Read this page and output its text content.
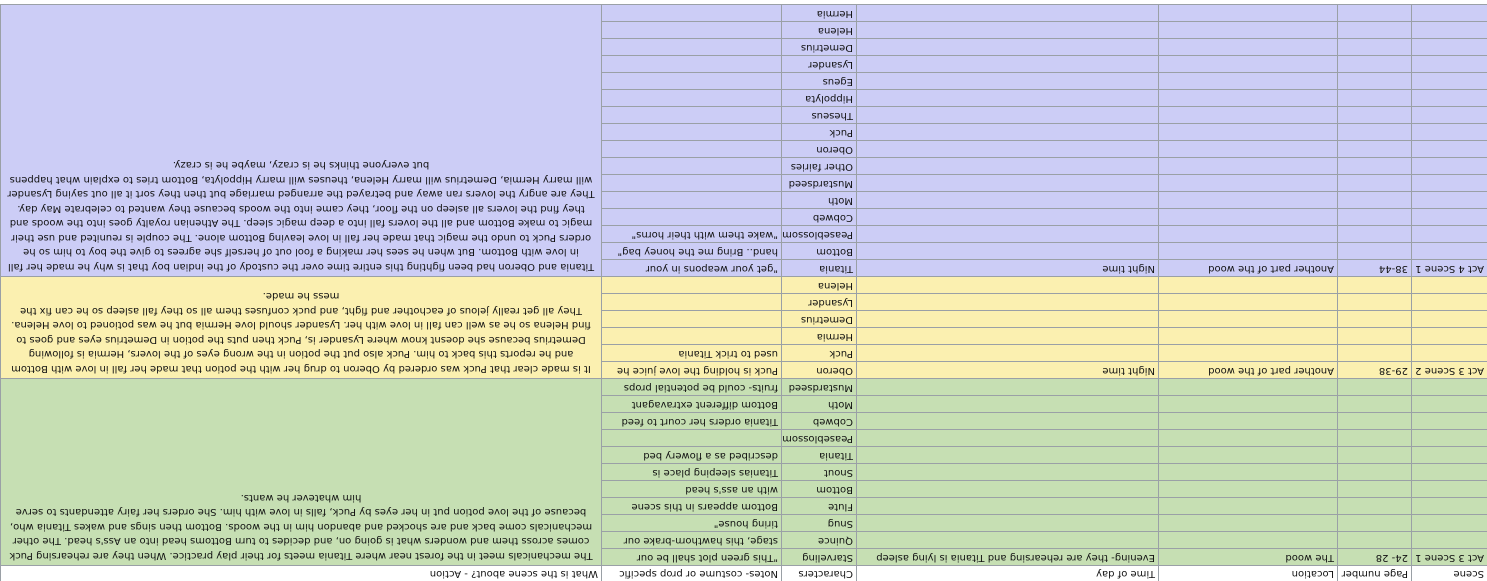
Scene
Page number
Location
Time of day
Characters
Notes- costume or prop specific
What is the scene about? - Action
Act 3 Scene 1
24- 28
The wood
Evening- they are rehearsing and Titania is lying asleep
Starveling
"This green plot shall be our
Quince
stage, this hawthorn-brake our
Snug
tiring house"
Flute
Bottom appears in this scene
Bottom
with an ass's head
Snout
Titanias sleeping place is
Titania
described as a flowery bed
Peaseblossom
Cobweb
Titania orders her court to feed
Moth
Bottom different extravagant
Mustardseed
fruits- could be potential props
The mechanicals meet in the forest near where Titania meets for their play practice. When they are rehearsing Puck comes across them and wonders what is going on, and decides to turn Bottoms head into an Ass's head. The other mechanicals come back and are shocked and abandon him in the woods. Bottom then sings and wakes Titania who, because of the love potion put in her eyes by Puck, falls in love with him. She orders her fairy attendants to serve him whatever he wants.
Act 3 Scene 2
29-38
Another part of the wood
Night time
Oberon
Puck is holding the love juice he
Puck
used to trick Titania
Hermia
Demetrius
Lysander
Helena
It is made clear that Puck was ordered by Oberon to drug her with the potion that made her fall in love with Bottom and he reports this back to him. Puck also put the potion in the wrong eyes of the lovers, Hermia is following Demetrius because she doesnt know where Lysander is, Puck then puts the potion in Demetrius eyes and goes to find Helena so he as well can fall in love with her. Lysander should love Hermia but he was potioned to love Helena. They all get really jelous of eachother and fight, and puck confuses them all so they fall asleep so he can fix the mess he made.
Act 4 Scene 1
38-44
Another part of the wood
Night time
Titania
"get your weapons in your
Bottom
hand.. Bring me the honey bag"
Peaseblossom
"wake them with their horns"
Cobweb
Moth
Mustardseed
Other fairies
Oberon
Puck
Theseus
Hippolyta
Egeus
Lysander
Demetrius
Helena
Hermia
Titania and Oberon had been fighting this entire time over the custody of the indian boy that is why he made her fall in love with Bottom. But when he sees her making a fool out of herself she agrees to give the boy to him so he orders Puck to undo the magic that made her fall in love leaving Bottom alone. The couple is reunited and use their magic to make Bottom and all the lovers fall into a deep magic sleep. The Athenian royalty goes into the woods and they find the lovers all asleep on the floor, they came into the woods because they wanted to celebrate May day. They are angry the lovers ran away and betrayed the arranged marriage but then they sort it all out saying Lysander will marry Hermia, Demetrius will marry Helena, theuses will marry Hippolyta, Bottom tries to explain what happens but everyone thinks he is crazy, maybe he is crazy.
